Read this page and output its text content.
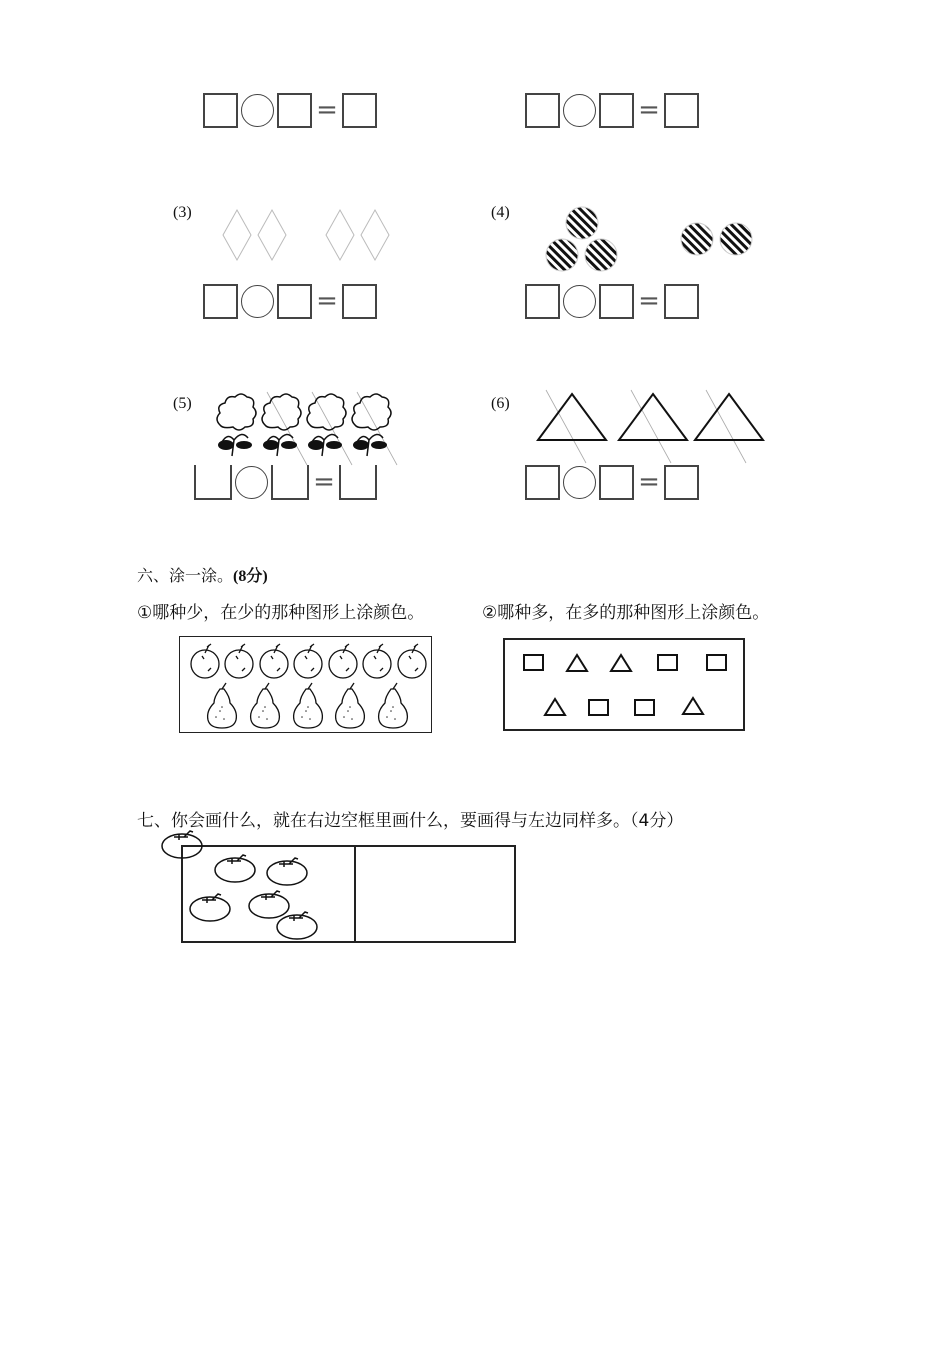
=	=
(3)
=
(4)
=
(5)
=
(6)
=
六、涂一涂。(8分)
①哪种少，在少的那种图形上涂颜色。	②哪种多，在多的那种图形上涂颜色。
七、你会画什么，就在右边空框里画什么，要画得与左边同样多。（4分）
